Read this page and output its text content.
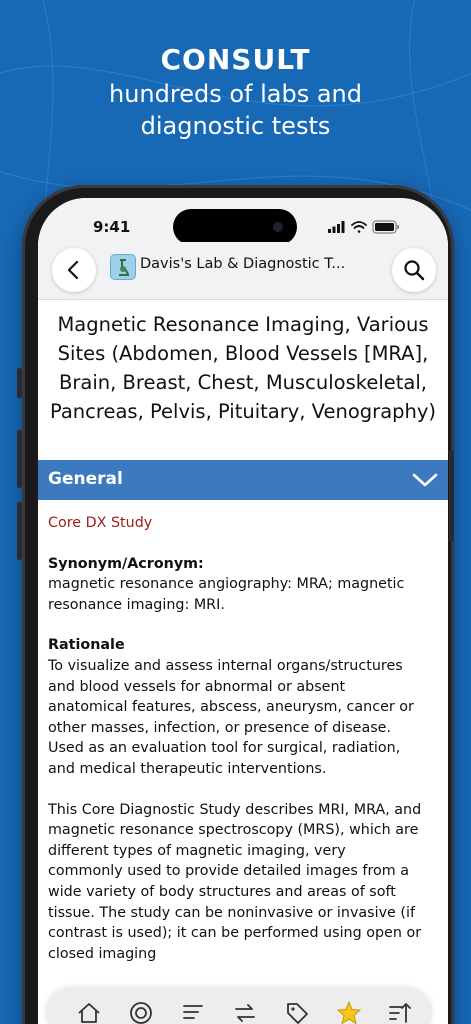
CONSULT
hundreds of labs and
diagnostic tests
9:41
Davis's Lab & Diagnostic T...
Magnetic Resonance Imaging, Various Sites (Abdomen, Blood Vessels [MRA], Brain, Breast, Chest, Musculoskeletal, Pancreas, Pelvis, Pituitary, Venography)
General
Core DX Study
Synonym/Acronym:
magnetic resonance angiography: MRA; magnetic resonance imaging: MRI.
Rationale
To visualize and assess internal organs/structures and blood vessels for abnormal or absent anatomical features, abscess, aneurysm, cancer or other masses, infection, or presence of disease. Used as an evaluation tool for surgical, radiation, and medical therapeutic interventions.
This Core Diagnostic Study describes MRI, MRA, and magnetic resonance spectroscopy (MRS), which are different types of magnetic imaging, very commonly used to provide detailed images from a wide variety of body structures and areas of soft tissue. The study can be noninvasive or invasive (if contrast is used); it can be performed using open or closed imaging
